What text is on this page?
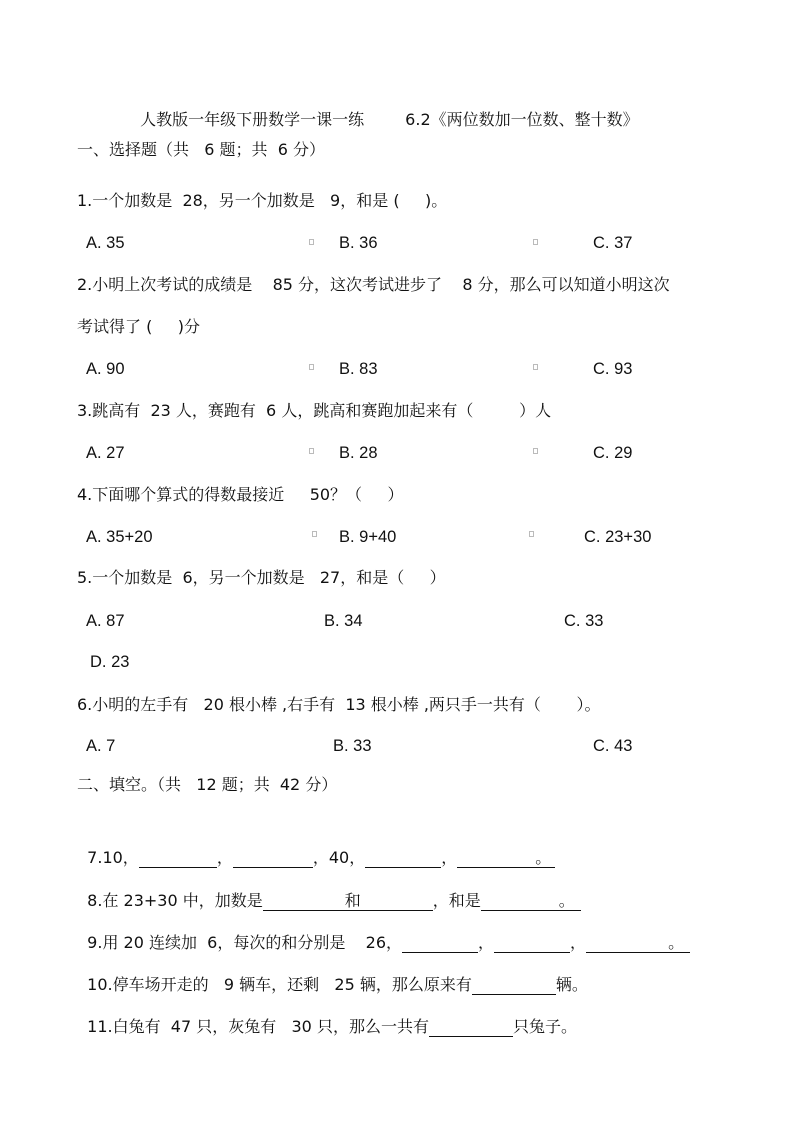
人教版一年级下册数学一课一练	6.2《两位数加一位数、整十数》

一、选择题（共   6 题；共  6 分）
1.一个加数是  28，另一个加数是   9，和是 (     )。
A. 35	B. 36	C. 37
2.小明上次考试的成绩是    85 分，这次考试进步了    8 分，那么可以知道小明这次
考试得了 (     )分
A. 90	B. 83	C. 93
3.跳高有  23 人，赛跑有  6 人，跳高和赛跑加起来有（         ）人
A. 27	B. 28	C. 29
4.下面哪个算式的得数最接近     50？（     ）
A. 35+20	B. 9+40	C. 23+30
5.一个加数是  6，另一个加数是   27，和是（     ）
A. 87	B. 34	C. 33
D. 23
6.小明的左手有   20 根小棒 ,右手有  13 根小棒 ,两只手一共有（       ）。
A. 7	B. 33	C. 43
二、填空。（共   12 题；共  42 分）

7.10，	，	，40，	，	。

8.在 23+30 中，加数是	和	，和是	。

9.用 20 连续加  6，每次的和分别是    26，	，	，	。

10.停车场开走的   9 辆车，还剩   25 辆，那么原来有	辆。

11.白兔有  47 只，灰兔有   30 只，那么一共有	只兔子。
